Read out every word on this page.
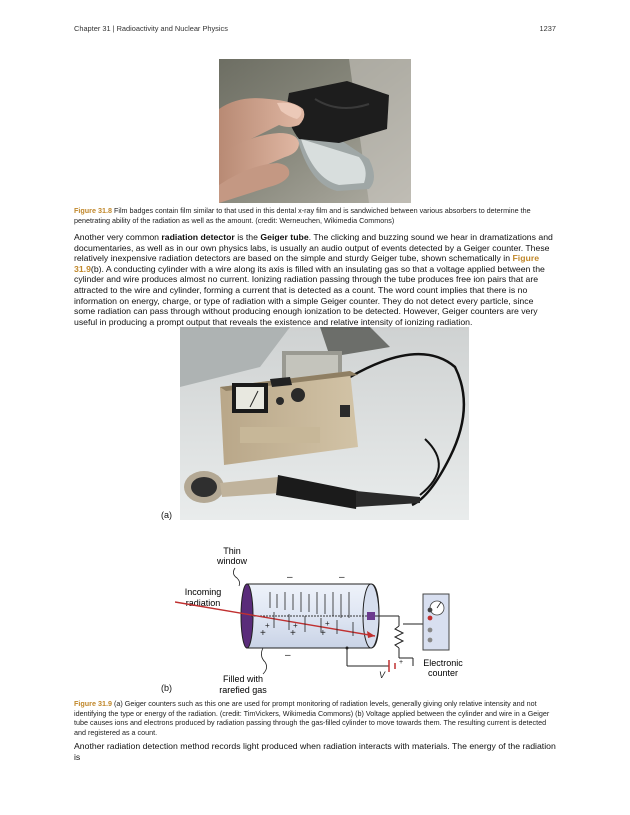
Chapter 31 | Radioactivity and Nuclear Physics	1237
Figure 31.8 Film badges contain film similar to that used in this dental x-ray film and is sandwiched between various absorbers to determine the penetrating ability of the radiation as well as the amount. (credit: Werneuchen, Wikimedia Commons)
Another very common radiation detector is the Geiger tube. The clicking and buzzing sound we hear in dramatizations and documentaries, as well as in our own physics labs, is usually an audio output of events detected by a Geiger counter. These relatively inexpensive radiation detectors are based on the simple and sturdy Geiger tube, shown schematically in Figure 31.9(b). A conducting cylinder with a wire along its axis is filled with an insulating gas so that a voltage applied between the cylinder and wire produces almost no current. Ionizing radiation passing through the tube produces free ion pairs that are attracted to the wire and cylinder, forming a current that is detected as a count. The word count implies that there is no information on energy, charge, or type of radiation with a simple Geiger counter. They do not detect every particle, since some radiation can pass through without producing enough ionization to be detected. However, Geiger counters are very useful in producing a prompt output that reveals the existence and relative intensity of ionizing radiation.
(a)
Thin
window
Incoming
radiation
+	+	+
+ + +
–	–
–
Filled with
rarefied gas
+
V
Electronic
counter
(b)
Figure 31.9 (a) Geiger counters such as this one are used for prompt monitoring of radiation levels, generally giving only relative intensity and not identifying the type or energy of the radiation. (credit: TimVickers, Wikimedia Commons) (b) Voltage applied between the cylinder and wire in a Geiger tube causes ions and electrons produced by radiation passing through the gas-filled cylinder to move towards them. The resulting current is detected and registered as a count.
Another radiation detection method records light produced when radiation interacts with materials. The energy of the radiation is
